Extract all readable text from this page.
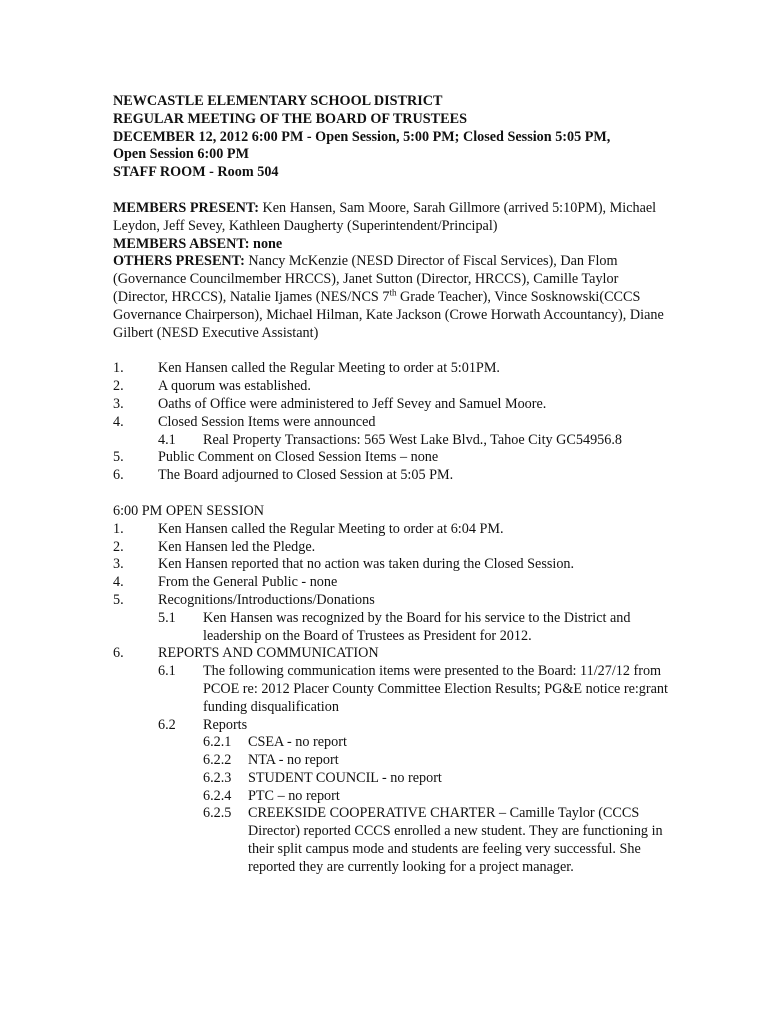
NEWCASTLE ELEMENTARY SCHOOL DISTRICT
REGULAR MEETING OF THE BOARD OF TRUSTEES
DECEMBER 12, 2012 6:00 PM - Open Session, 5:00 PM; Closed Session 5:05 PM,
Open Session 6:00 PM
STAFF ROOM - Room 504

MEMBERS PRESENT: Ken Hansen, Sam Moore, Sarah Gillmore (arrived 5:10PM), Michael Leydon, Jeff Sevey, Kathleen Daugherty (Superintendent/Principal)

MEMBERS ABSENT: none

OTHERS PRESENT: Nancy McKenzie (NESD Director of Fiscal Services), Dan Flom (Governance Councilmember HRCCS), Janet Sutton (Director, HRCCS), Camille Taylor (Director, HRCCS), Natalie Ijames (NES/NCS 7th Grade Teacher), Vince Sosknowski(CCCS Governance Chairperson), Michael Hilman, Kate Jackson (Crowe Horwath Accountancy), Diane Gilbert (NESD Executive Assistant)

1.	Ken Hansen called the Regular Meeting to order at 5:01PM.
2.	A quorum was established.
3.	Oaths of Office were administered to Jeff Sevey and Samuel Moore.
4.	Closed Session Items were announced
4.1	Real Property Transactions: 565 West Lake Blvd., Tahoe City GC54956.8
5.	Public Comment on Closed Session Items – none
6.	The Board adjourned to Closed Session at 5:05 PM.
6:00 PM OPEN SESSION
1.	Ken Hansen called the Regular Meeting to order at 6:04 PM.
2.	Ken Hansen led the Pledge.
3.	Ken Hansen reported that no action was taken during the Closed Session.
4.	From the General Public - none
5.	Recognitions/Introductions/Donations
5.1	Ken Hansen was recognized by the Board for his service to the District and leadership on the Board of Trustees as President for 2012.
6.	REPORTS AND COMMUNICATION
6.1	The following communication items were presented to the Board: 11/27/12 from PCOE re: 2012 Placer County Committee Election Results; PG&E notice re:grant funding disqualification
6.2	Reports
6.2.1	CSEA - no report
6.2.2	NTA - no report
6.2.3	STUDENT COUNCIL - no report
6.2.4	PTC – no report
6.2.5	CREEKSIDE COOPERATIVE CHARTER – Camille Taylor (CCCS Director) reported CCCS enrolled a new student. They are functioning in their split campus mode and students are feeling very successful. She reported they are currently looking for a project manager.
